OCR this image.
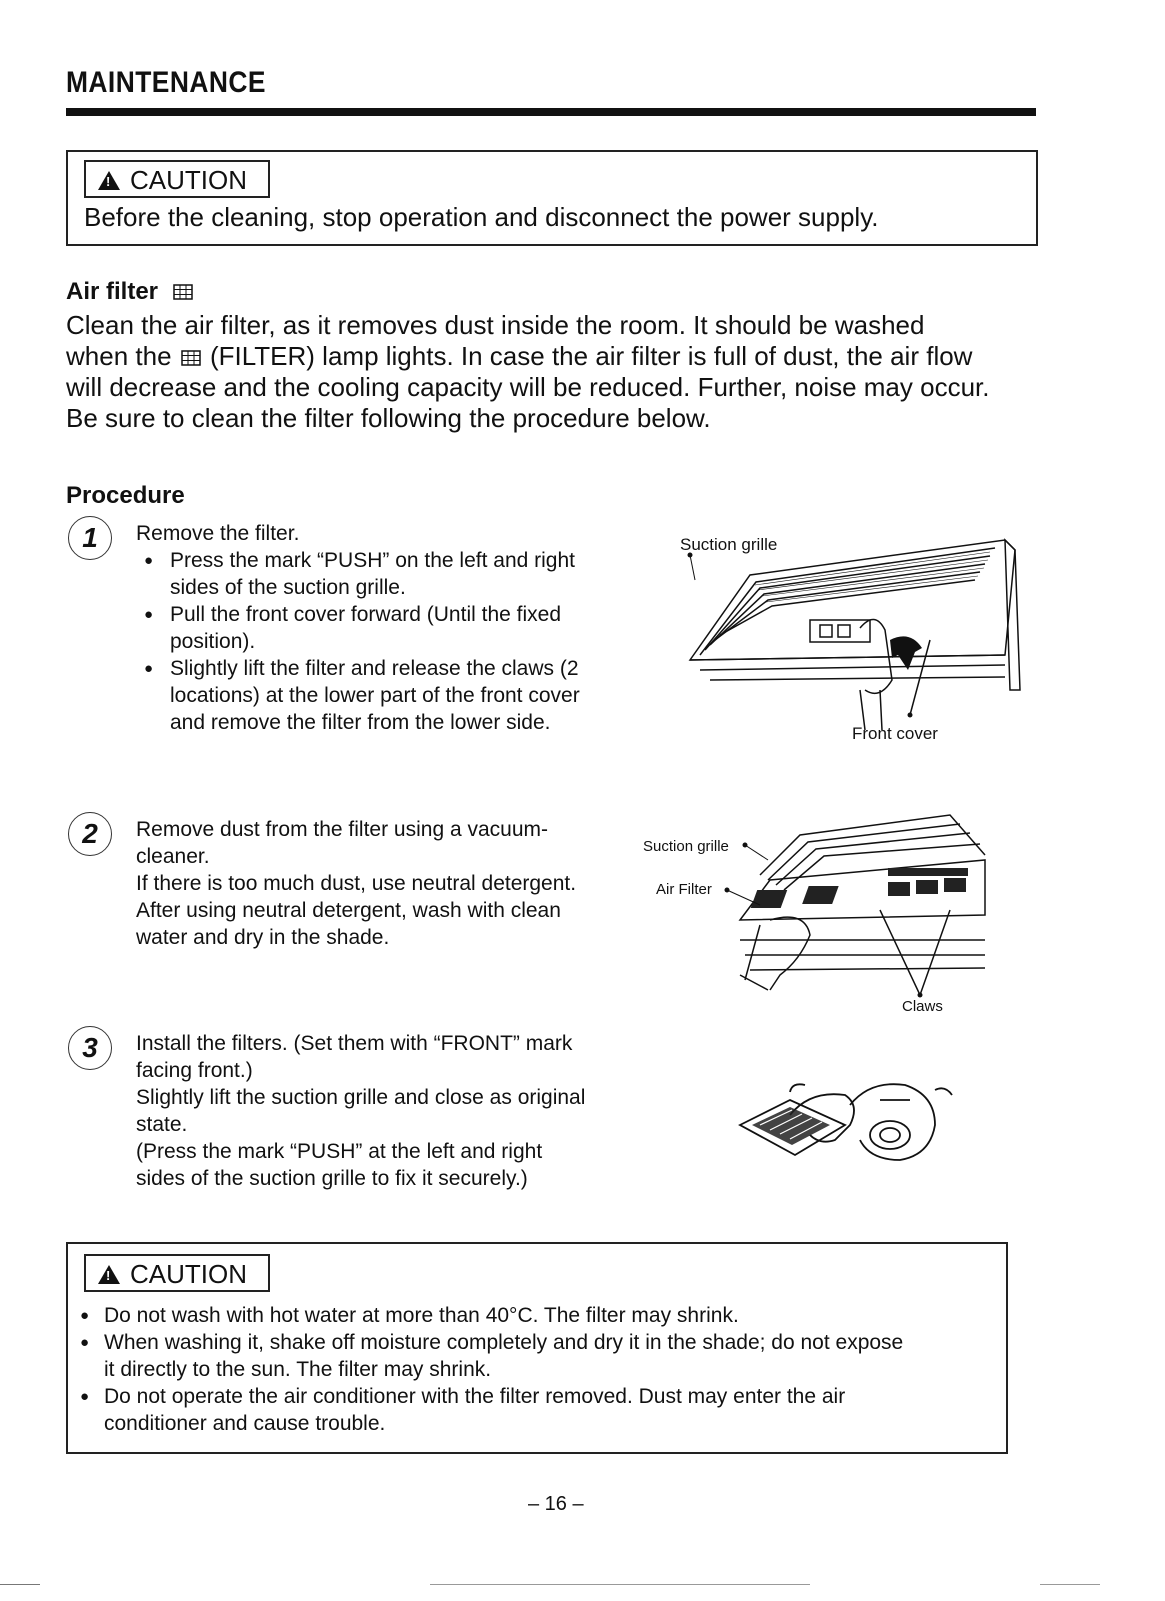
MAINTENANCE
!
CAUTION
Before the cleaning, stop operation and disconnect the power supply.
Air filter
Clean the air filter, as it removes dust inside the room. It should be washed
when the (FILTER) lamp lights. In case the air filter is full of dust, the air flow
will decrease and the cooling capacity will be reduced. Further, noise may occur.
Be sure to clean the filter following the procedure below.
Procedure
1	Remove the filter.
● Press the mark “PUSH” on the left and right
sides of the suction grille.
● Pull the front cover forward (Until the fixed
position).
● Slightly lift the filter and release the claws (2
locations) at the lower part of the front cover
and remove the filter from the lower side.
Suction grille
Front cover
2	Remove dust from the filter using a vacuum-
cleaner.
If there is too much dust, use neutral detergent.
After using neutral detergent, wash with clean
water and dry in the shade.
Suction grille
Air Filter
Claws
3	Install the filters. (Set them with “FRONT” mark
facing front.)
Slightly lift the suction grille and close as original
state.
(Press the mark “PUSH” at the left and right
sides of the suction grille to fix it securely.)
!
CAUTION
● Do not wash with hot water at more than 40°C. The filter may shrink.
● When washing it, shake off moisture completely and dry it in the shade; do not expose
it directly to the sun. The filter may shrink.
● Do not operate the air conditioner with the filter removed. Dust may enter the air
conditioner and cause trouble.
– 16 –
